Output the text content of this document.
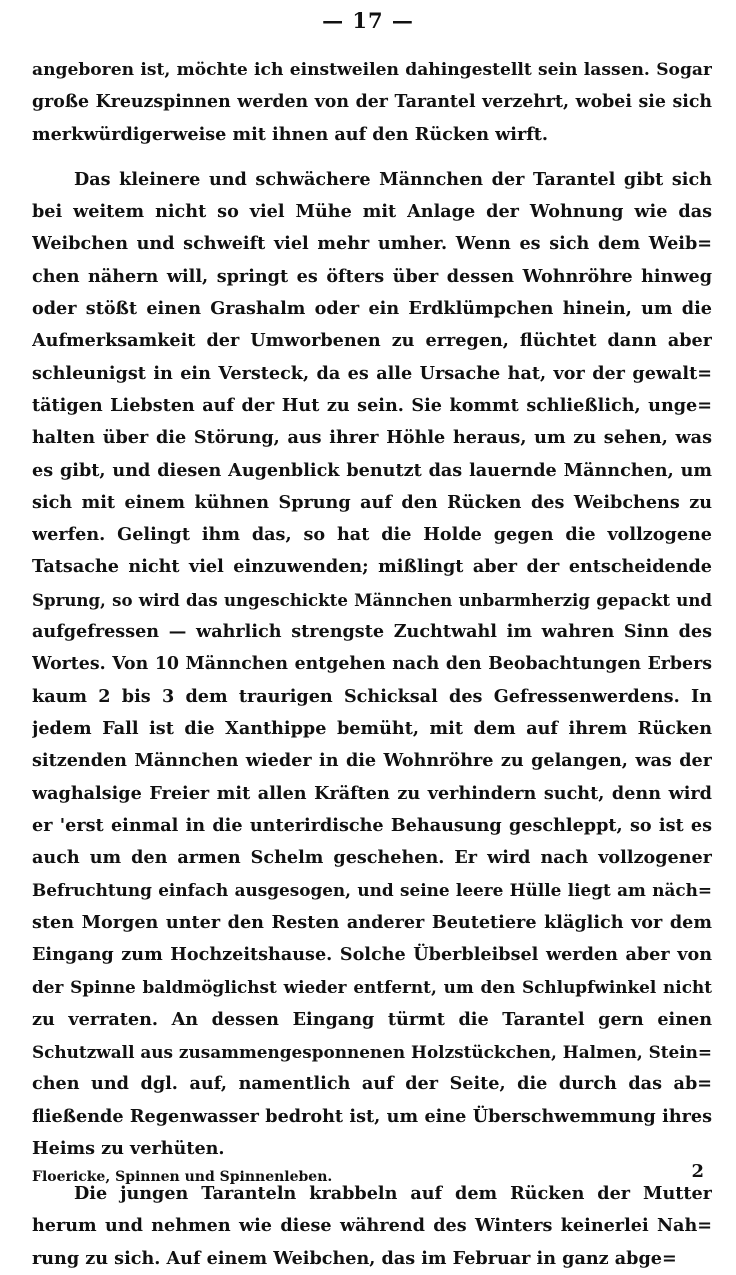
— 17 —

angeboren ist, möchte ich einstweilen dahingestellt sein lassen. Sogar
große Kreuzspinnen werden von der Tarantel verzehrt, wobei sie sich
merkwürdigerweise mit ihnen auf den Rücken wirft.

Das kleinere und schwächere Männchen der Tarantel gibt sich
bei weitem nicht so viel Mühe mit Anlage der Wohnung wie das
Weibchen und schweift viel mehr umher. Wenn es sich dem Weib=
chen nähern will, springt es öfters über dessen Wohnröhre hinweg
oder stößt einen Grashalm oder ein Erdklümpchen hinein, um die
Aufmerksamkeit der Umworbenen zu erregen, flüchtet dann aber
schleunigst in ein Versteck, da es alle Ursache hat, vor der gewalt=
tätigen Liebsten auf der Hut zu sein. Sie kommt schließlich, unge=
halten über die Störung, aus ihrer Höhle heraus, um zu sehen, was
es gibt, und diesen Augenblick benutzt das lauernde Männchen, um
sich mit einem kühnen Sprung auf den Rücken des Weibchens zu
werfen. Gelingt ihm das, so hat die Holde gegen die vollzogene
Tatsache nicht viel einzuwenden; mißlingt aber der entscheidende
Sprung, so wird das ungeschickte Männchen unbarmherzig gepackt und
aufgefressen — wahrlich strengste Zuchtwahl im wahren Sinn des
Wortes. Von 10 Männchen entgehen nach den Beobachtungen Erbers
kaum 2 bis 3 dem traurigen Schicksal des Gefressenwerdens. In
jedem Fall ist die Xanthippe bemüht, mit dem auf ihrem Rücken
sitzenden Männchen wieder in die Wohnröhre zu gelangen, was der
waghalsige Freier mit allen Kräften zu verhindern sucht, denn wird
er 'erst einmal in die unterirdische Behausung geschleppt, so ist es
auch um den armen Schelm geschehen. Er wird nach vollzogener
Befruchtung einfach ausgesogen, und seine leere Hülle liegt am näch=
sten Morgen unter den Resten anderer Beutetiere kläglich vor dem
Eingang zum Hochzeitshause. Solche Überbleibsel werden aber von
der Spinne baldmöglichst wieder entfernt, um den Schlupfwinkel nicht
zu verraten. An dessen Eingang türmt die Tarantel gern einen
Schutzwall aus zusammengesponnenen Holzstückchen, Halmen, Stein=
chen und dgl. auf, namentlich auf der Seite, die durch das ab=
fließende Regenwasser bedroht ist, um eine Überschwemmung ihres
Heims zu verhüten.

Die jungen Taranteln krabbeln auf dem Rücken der Mutter
herum und nehmen wie diese während des Winters keinerlei Nah=
rung zu sich. Auf einem Weibchen, das im Februar in ganz abge=

Floericke, Spinnen und Spinnenleben.	2
